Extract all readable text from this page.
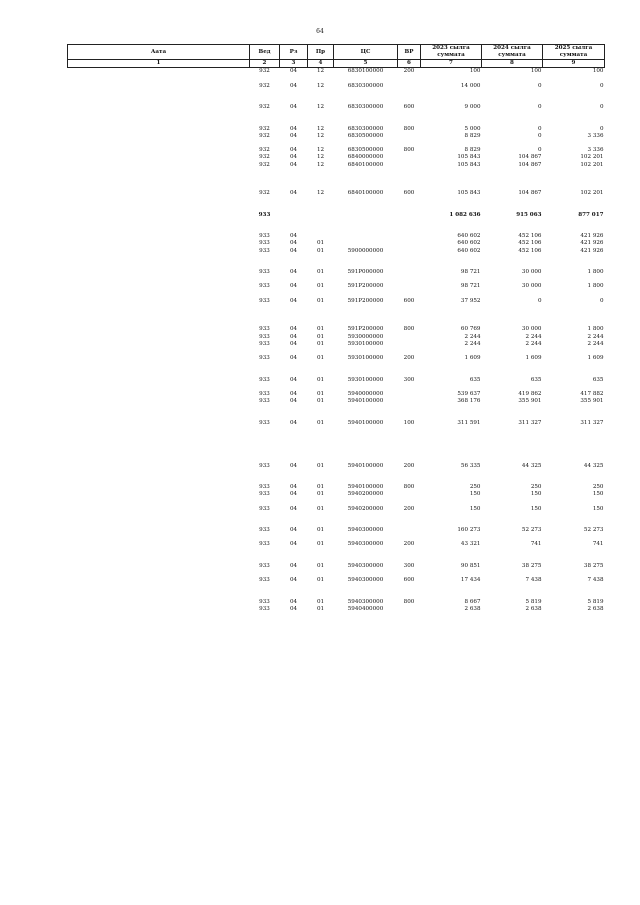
64
Аата	Вед	Рз	Пр	ЦС	ВР	2023 сылга суммата	2024 сылга суммата	2025 сылга суммата
1	2	3	4	5	6	7	8	9
	932	04	12	6830100000	200	100	100	100
	932	04	12	6830300000		14 000	0	0
	932	04	12	6830300000	600	9 000	0	0
	932	04	12	6830300000	800	5 000	0	0
	932	04	12	6830500000		8 829	0	3 336
	932	04	12	6830500000	800	8 829	0	3 336
	932	04	12	6840000000		105 843	104 867	102 201
	932	04	12	6840100000		105 843	104 867	102 201
	932	04	12	6840100000	600	105 843	104 867	102 201
	933					1 082 636	915 063	877 017
	933	04				640 602	452 106	421 926
	933	04	01			640 602	452 106	421 926
	933	04	01	5900000000		640 602	452 106	421 926
	933	04	01	591P000000		98 721	30 000	1 800
	933	04	01	591P200000		98 721	30 000	1 800
	933	04	01	591P200000	600	37 952	0	0
	933	04	01	591P200000	800	60 769	30 000	1 800
	933	04	01	5930000000		2 244	2 244	2 244
	933	04	01	5930100000		2 244	2 244	2 244
	933	04	01	5930100000	200	1 609	1 609	1 609
	933	04	01	5930100000	300	635	635	635
	933	04	01	5940000000		539 637	419 862	417 882
	933	04	01	5940100000		368 176	355 901	355 901
	933	04	01	5940100000	100	311 591	311 327	311 327
	933	04	01	5940100000	200	56 335	44 325	44 325
	933	04	01	5940100000	800	250	250	250
	933	04	01	5940200000		150	150	150
	933	04	01	5940200000	200	150	150	150
	933	04	01	5940300000		160 273	52 273	52 273
	933	04	01	5940300000	200	43 321	741	741
	933	04	01	5940300000	300	90 851	38 275	38 275
	933	04	01	5940300000	600	17 434	7 438	7 438
	933	04	01	5940300000	800	8 667	5 819	5 819
	933	04	01	5940400000		2 638	2 638	2 638
